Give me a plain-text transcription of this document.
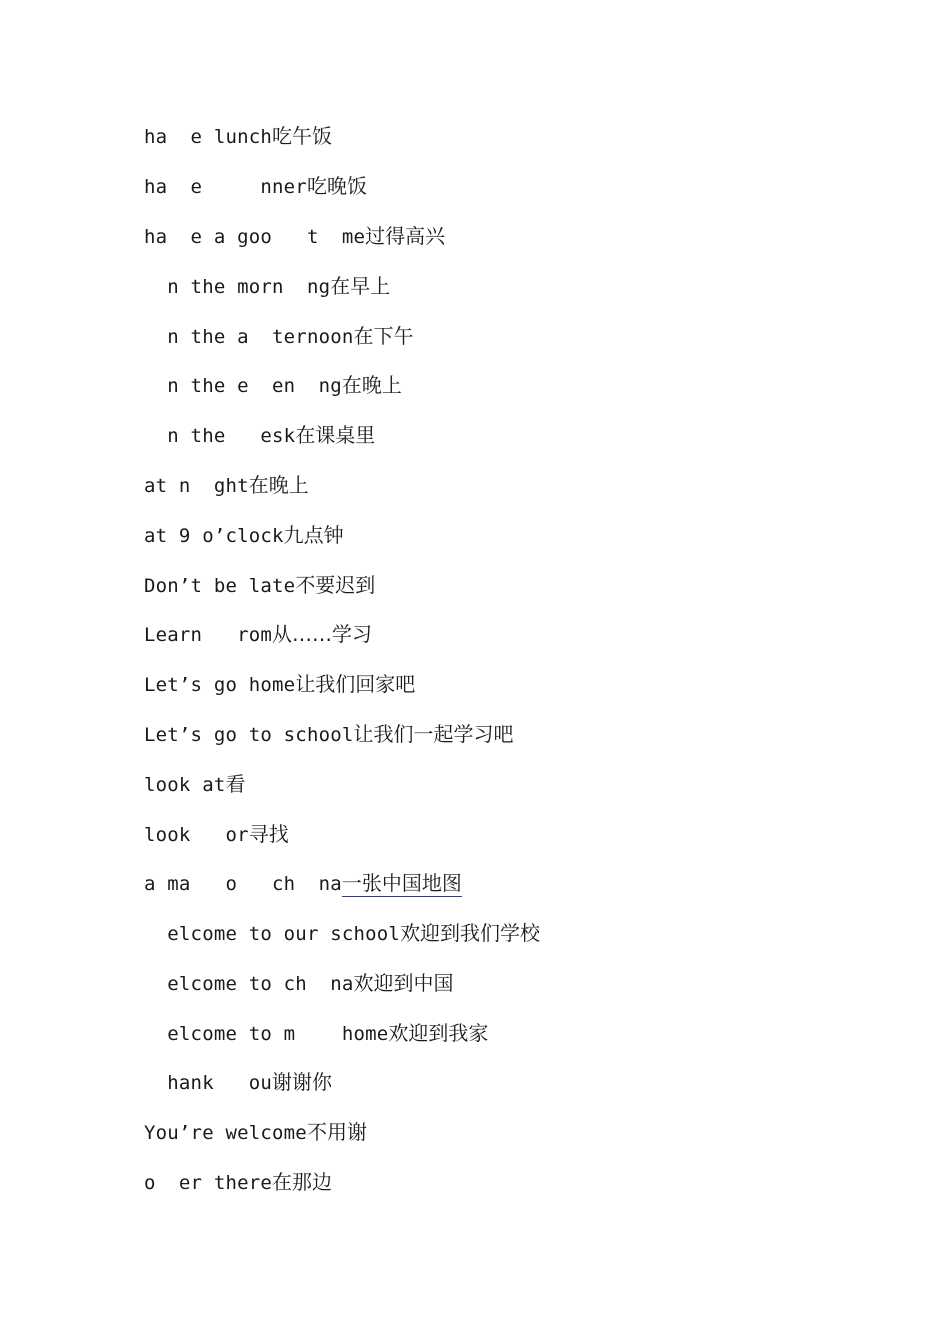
ha  e lunch吃午饭
ha  e     nner吃晚饭
ha  e a goo   t  me过得高兴
n the morn  ng在早上
n the a  ternoon在下午
n the e  en  ng在晚上
n the   esk在课桌里
at n  ght在晚上
at 9 o’clock九点钟
Don’t be late不要迟到
Learn   rom从……学习
Let’s go home让我们回家吧
Let’s go to school让我们一起学习吧
look at看
look   or寻找
a ma   o   ch  na一张中国地图
elcome to our school欢迎到我们学校
elcome to ch  na欢迎到中国
elcome to m    home欢迎到我家
hank   ou谢谢你
You’re welcome不用谢
o  er there在那边
